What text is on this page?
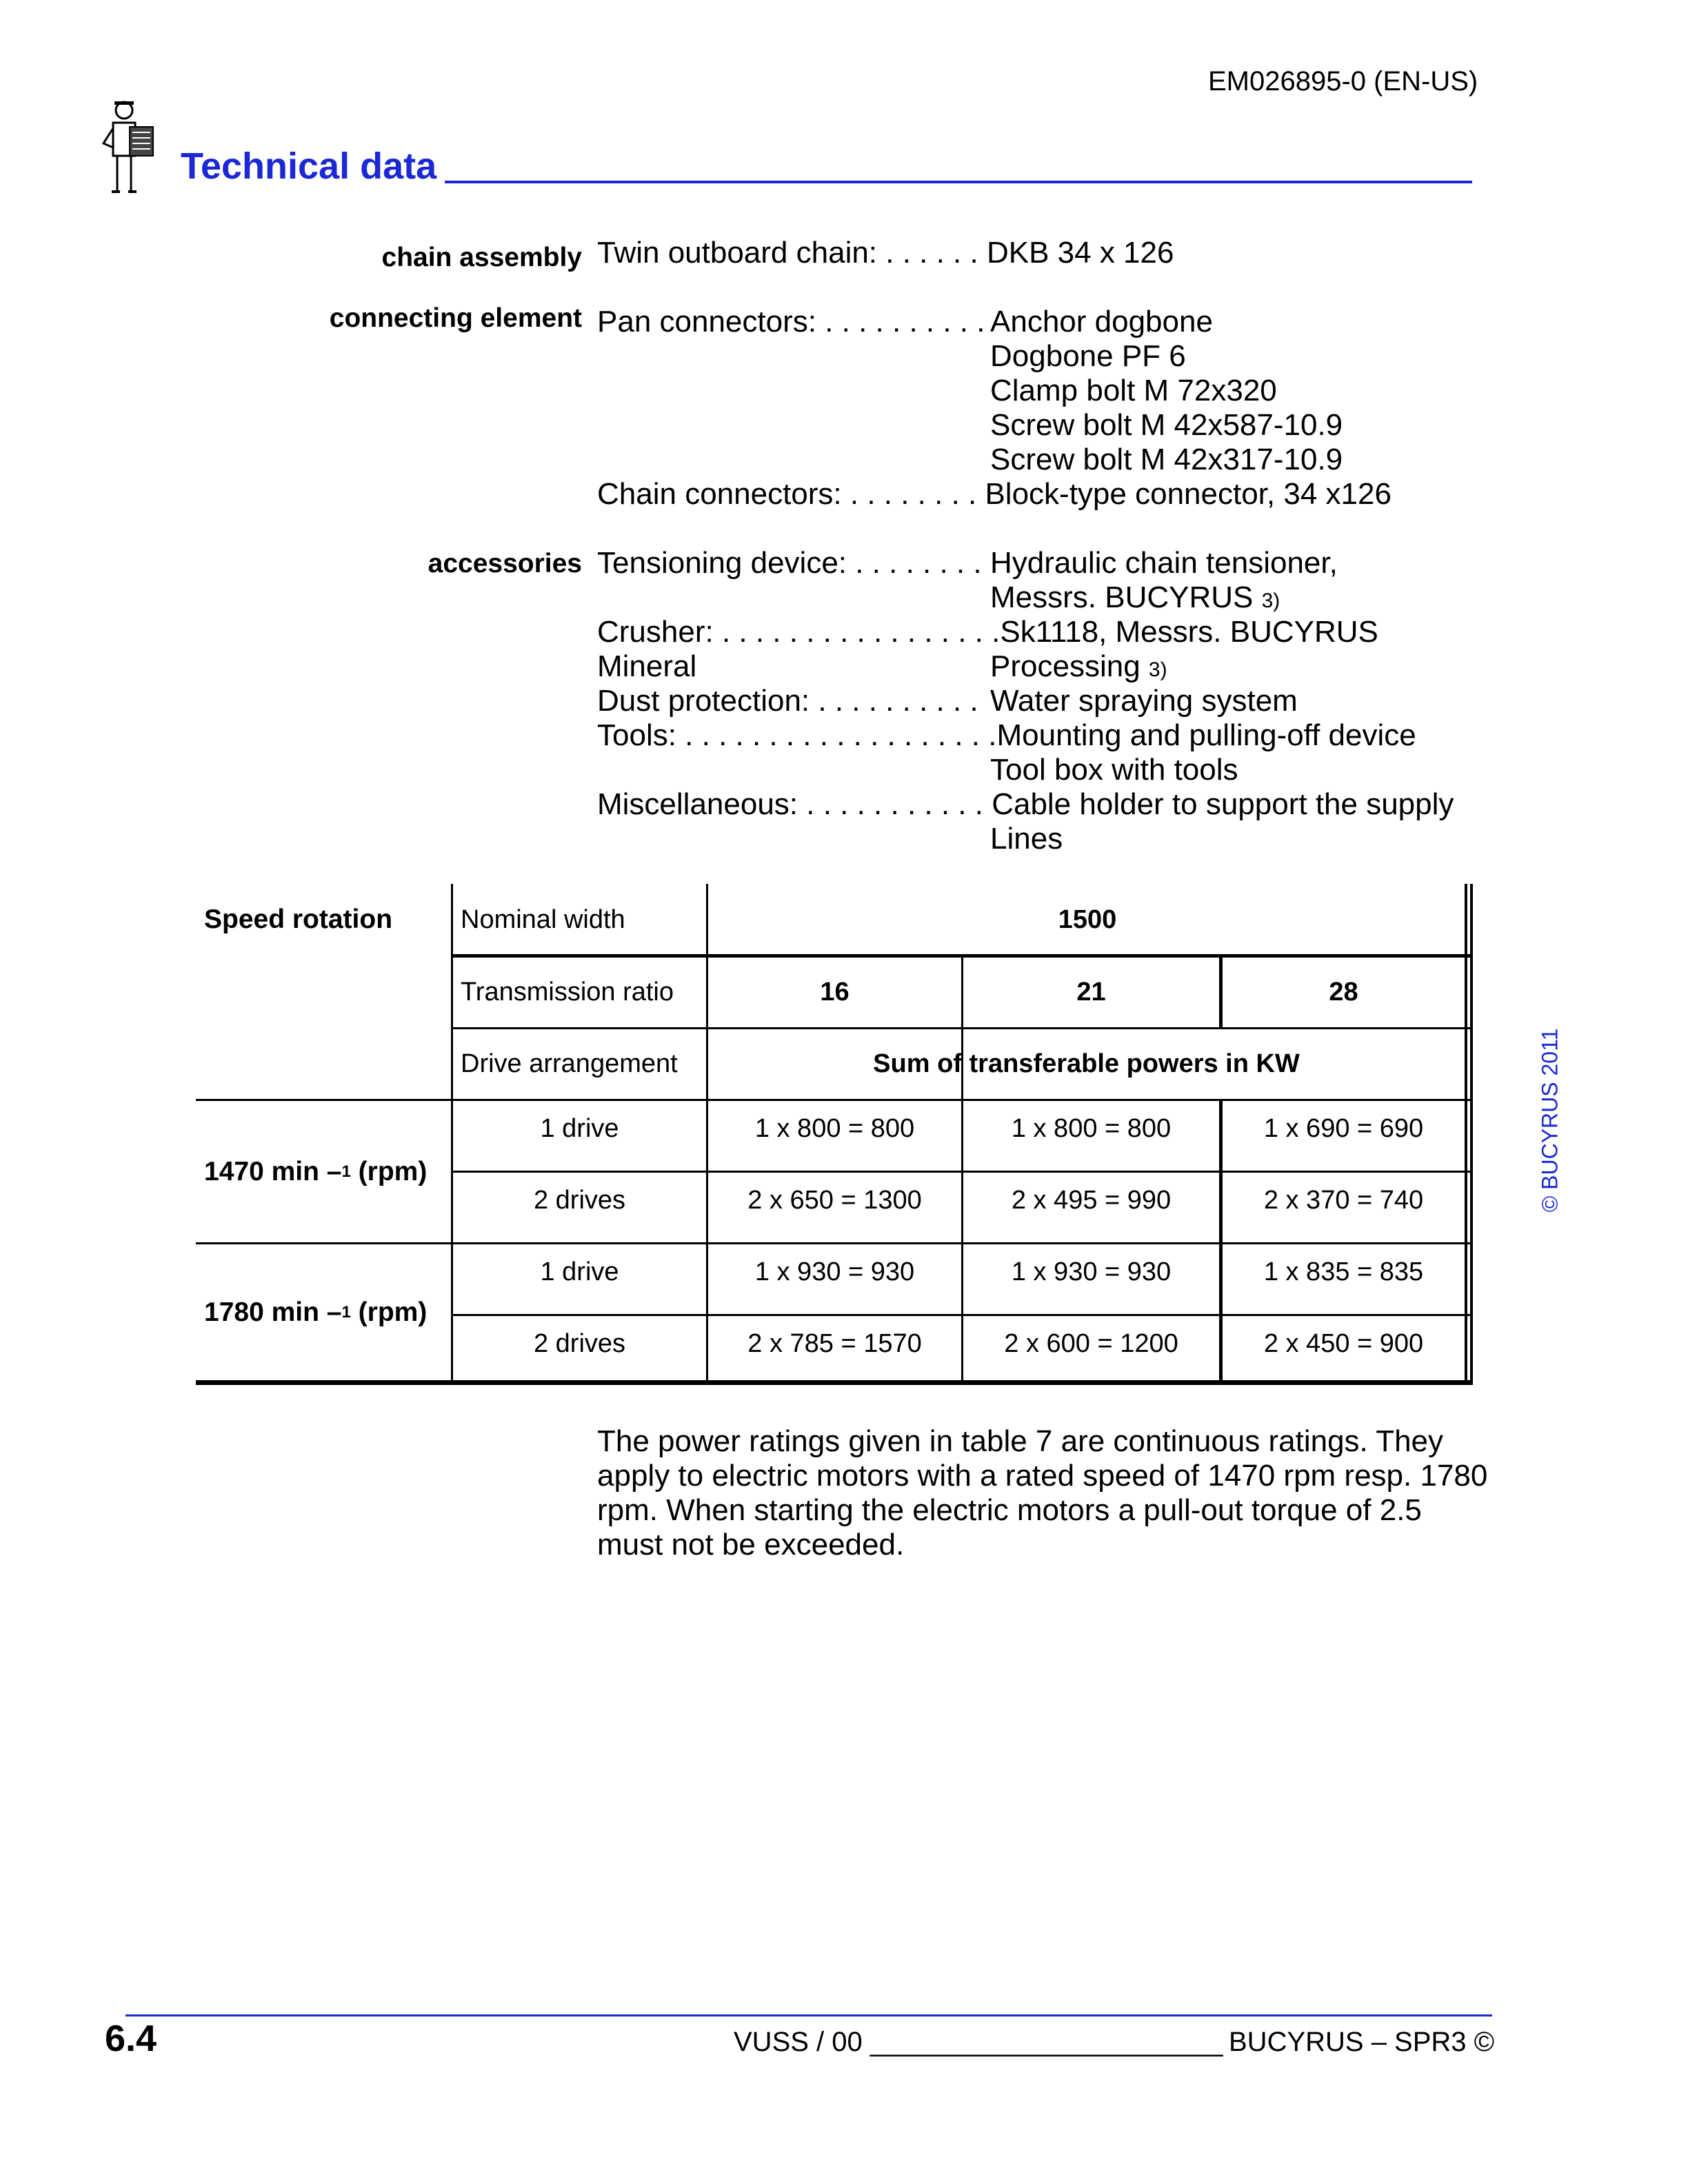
EM026895-0 (EN-US)
Technical data
chain assembly Twin outboard chain: . . . . . . DKB 34 x 126
connecting element Pan connectors: . . . . . . . . . . Anchor dogbone
Dogbone PF 6
Clamp bolt M 72x320
Screw bolt M 42x587-10.9
Screw bolt M 42x317-10.9
Chain connectors: . . . . . . . . Block-type connector, 34 x126
accessories Tensioning device: . . . . . . . . Hydraulic chain tensioner,
Messrs. BUCYRUS 3)
Crusher: . . . . . . . . . . . . . . . . .Sk1118, Messrs. BUCYRUS
Mineral	Processing 3)
Dust protection: . . . . . . . . . . Water spraying system
Tools: . . . . . . . . . . . . . . . . . . .Mounting and pulling-off device
Tool box with tools
Miscellaneous: . . . . . . . . . . . Cable holder to support the supply
Lines
Speed rotation	Nominal width	1500
Transmission ratio	16	21	28
Drive arrangement	Sum of transferable powers in KW
1470 min – 1 (rpm)
1 drive	1 x 800 = 800	1 x 800 = 800	1 x 690 = 690
2 drives	2 x 650 = 1300	2 x 495 = 990	2 x 370 = 740
1780 min – 1 (rpm)
1 drive	1 x 930 = 930	1 x 930 = 930	1 x 835 = 835
2 drives	2 x 785 = 1570	2 x 600 = 1200	2 x 450 = 900
The power ratings given in table 7 are continuous ratings. They apply to electric motors with a rated speed of 1470 rpm resp. 1780 rpm. When starting the electric motors a pull-out torque of 2.5 must not be exceeded.
© BUCYRUS 2011
6.4	VUSS / 00 _______________________ BUCYRUS – SPR3 ©
